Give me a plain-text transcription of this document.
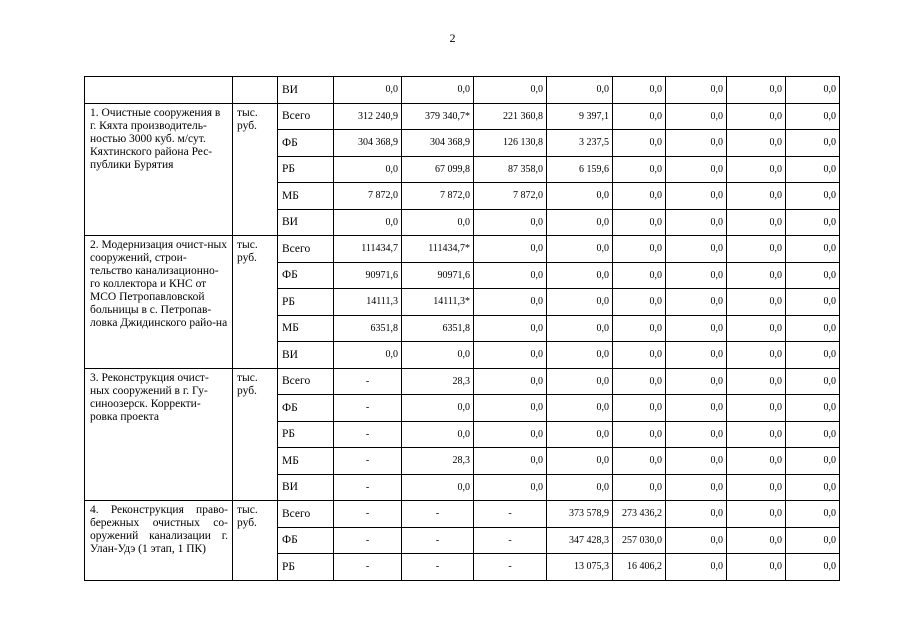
2
		ВИ	0,0	0,0	0,0	0,0	0,0	0,0	0,0	0,0
1. Очистные сооружения в г. Кяхта производитель-ностью 3000 куб. м/сут. Кяхтинского района Рес-публики Бурятия	тыс. руб.	Всего	312 240,9	379 340,7*	221 360,8	9 397,1	0,0	0,0	0,0	0,0
		ФБ	304 368,9	304 368,9	126 130,8	3 237,5	0,0	0,0	0,0	0,0
		РБ	0,0	67 099,8	87 358,0	6 159,6	0,0	0,0	0,0	0,0
		МБ	7 872,0	7 872,0	7 872,0	0,0	0,0	0,0	0,0	0,0
		ВИ	0,0	0,0	0,0	0,0	0,0	0,0	0,0	0,0
2. Модернизация очист-ных сооружений, строи-тельство канализационно-го коллектора и КНС от МСО Петропавловской больницы в с. Петропав-ловка Джидинского райо-на	тыс. руб.	Всего	111434,7	111434,7*	0,0	0,0	0,0	0,0	0,0	0,0
		ФБ	90971,6	90971,6	0,0	0,0	0,0	0,0	0,0	0,0
		РБ	14111,3	14111,3*	0,0	0,0	0,0	0,0	0,0	0,0
		МБ	6351,8	6351,8	0,0	0,0	0,0	0,0	0,0	0,0
		ВИ	0,0	0,0	0,0	0,0	0,0	0,0	0,0	0,0
3. Реконструкция очист-ных сооружений в г. Гу-синоозерск. Корректи-ровка проекта	тыс. руб.	Всего	-	28,3	0,0	0,0	0,0	0,0	0,0	0,0
		ФБ	-	0,0	0,0	0,0	0,0	0,0	0,0	0,0
		РБ	-	0,0	0,0	0,0	0,0	0,0	0,0	0,0
		МБ	-	28,3	0,0	0,0	0,0	0,0	0,0	0,0
		ВИ	-	0,0	0,0	0,0	0,0	0,0	0,0	0,0
4. Реконструкция право-бережных очистных со-оружений канализации г. Улан-Удэ (1 этап, 1 ПК)	тыс. руб.	Всего	-	-	-	373 578,9	273 436,2	0,0	0,0	0,0
		ФБ	-	-	-	347 428,3	257 030,0	0,0	0,0	0,0
		РБ	-	-	-	13 075,3	16 406,2	0,0	0,0	0,0
